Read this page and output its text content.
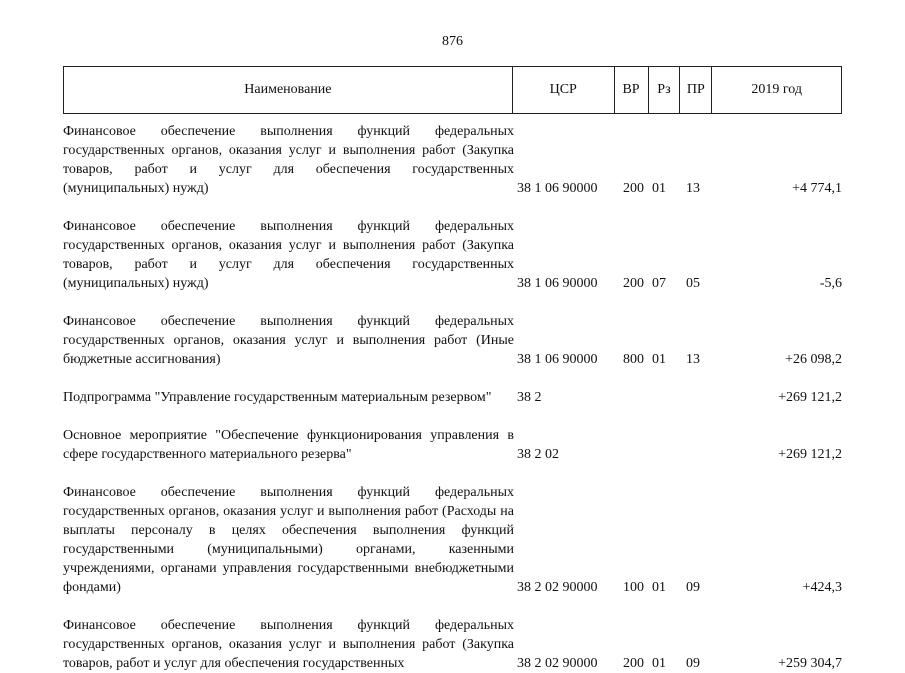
876
Наименование	ЦСР	ВР	Рз	ПР	2019 год
Финансовое обеспечение выполнения функций федеральных государственных органов, оказания услуг и выполнения работ (Закупка товаров, работ и услуг для обеспечения государственных (муниципальных) нужд)	38 1 06 90000	200 01	13	+4 774,1
Финансовое обеспечение выполнения функций федеральных государственных органов, оказания услуг и выполнения работ (Закупка товаров, работ и услуг для обеспечения государственных (муниципальных) нужд)	38 1 06 90000	200 07	05	-5,6
Финансовое обеспечение выполнения функций федеральных государственных органов, оказания услуг и выполнения работ (Иные бюджетные ассигнования)	38 1 06 90000	800 01	13	+26 098,2
Подпрограмма "Управление государственным материальным резервом"	38 2	+269 121,2
Основное мероприятие "Обеспечение функционирования управления в сфере государственного материального резерва"	38 2 02	+269 121,2
Финансовое обеспечение выполнения функций федеральных государственных органов, оказания услуг и выполнения работ (Расходы на выплаты персоналу в целях обеспечения выполнения функций государственными (муниципальными) органами, казенными учреждениями, органами управления государственными внебюджетными фондами)	38 2 02 90000	100 01	09	+424,3
Финансовое обеспечение выполнения функций федеральных государственных органов, оказания услуг и выполнения работ (Закупка товаров, работ и услуг для обеспечения государственных	38 2 02 90000	200 01	09	+259 304,7
